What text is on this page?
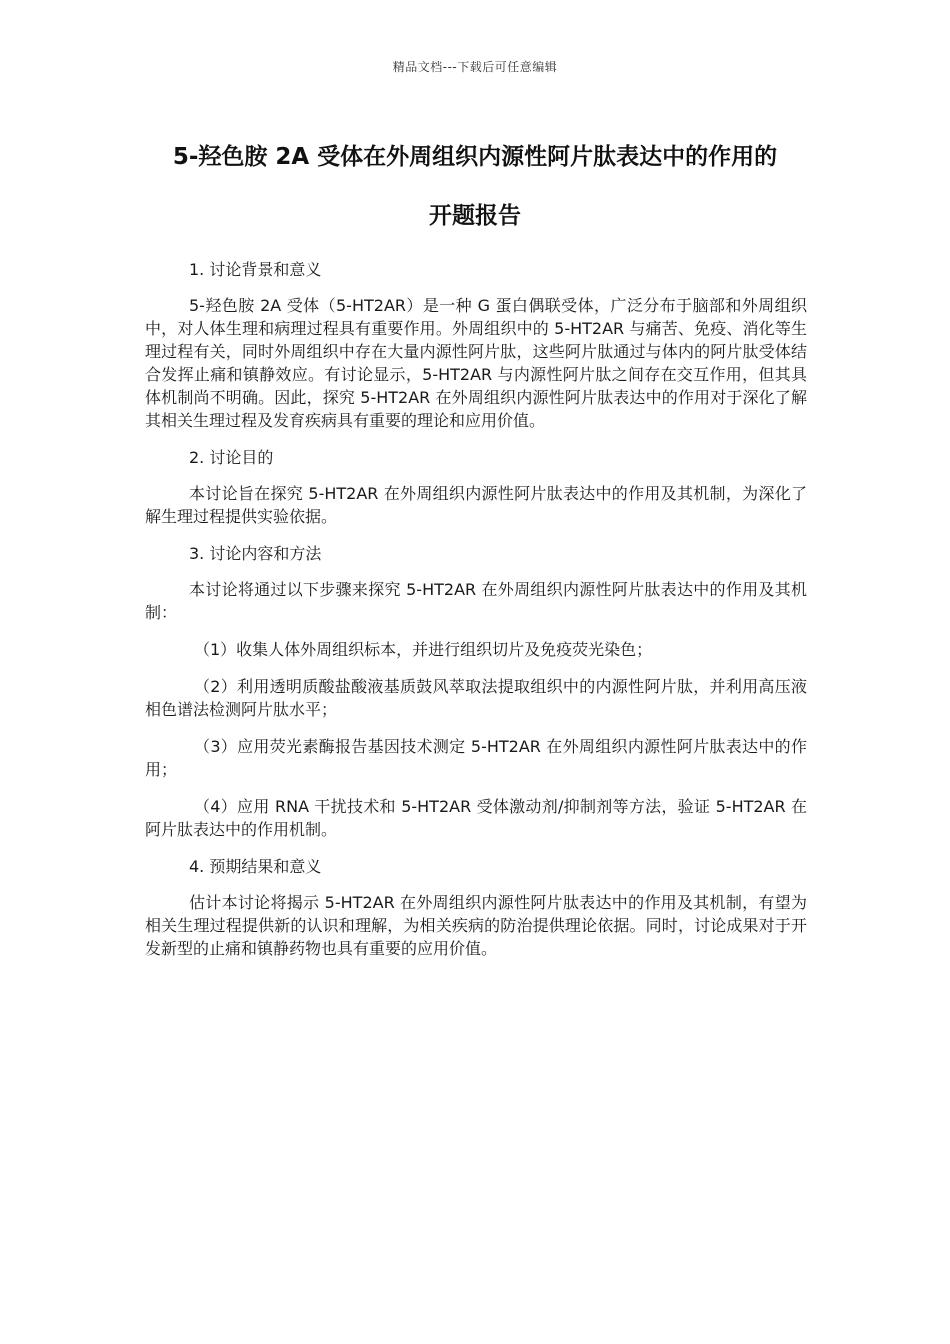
精品文档---下载后可任意编辑
5-羟色胺 2A 受体在外周组织内源性阿片肽表达中的作用的
开题报告
1. 讨论背景和意义
5-羟色胺 2A 受体（5-HT2AR）是一种 G 蛋白偶联受体，广泛分布于脑部和外周组织中，对人体生理和病理过程具有重要作用。外周组织中的 5-HT2AR 与痛苦、免疫、消化等生理过程有关，同时外周组织中存在大量内源性阿片肽，这些阿片肽通过与体内的阿片肽受体结合发挥止痛和镇静效应。有讨论显示，5-HT2AR 与内源性阿片肽之间存在交互作用，但其具体机制尚不明确。因此，探究 5-HT2AR 在外周组织内源性阿片肽表达中的作用对于深化了解其相关生理过程及发育疾病具有重要的理论和应用价值。
2. 讨论目的
本讨论旨在探究 5-HT2AR 在外周组织内源性阿片肽表达中的作用及其机制，为深化了解生理过程提供实验依据。
3. 讨论内容和方法
本讨论将通过以下步骤来探究 5-HT2AR 在外周组织内源性阿片肽表达中的作用及其机制：
（1）收集人体外周组织标本，并进行组织切片及免疫荧光染色；
（2）利用透明质酸盐酸液基质鼓风萃取法提取组织中的内源性阿片肽，并利用高压液相色谱法检测阿片肽水平；
（3）应用荧光素酶报告基因技术测定 5-HT2AR 在外周组织内源性阿片肽表达中的作用；
（4）应用 RNA 干扰技术和 5-HT2AR 受体激动剂/抑制剂等方法，验证 5-HT2AR 在阿片肽表达中的作用机制。
4. 预期结果和意义
估计本讨论将揭示 5-HT2AR 在外周组织内源性阿片肽表达中的作用及其机制，有望为相关生理过程提供新的认识和理解，为相关疾病的防治提供理论依据。同时，讨论成果对于开发新型的止痛和镇静药物也具有重要的应用价值。
